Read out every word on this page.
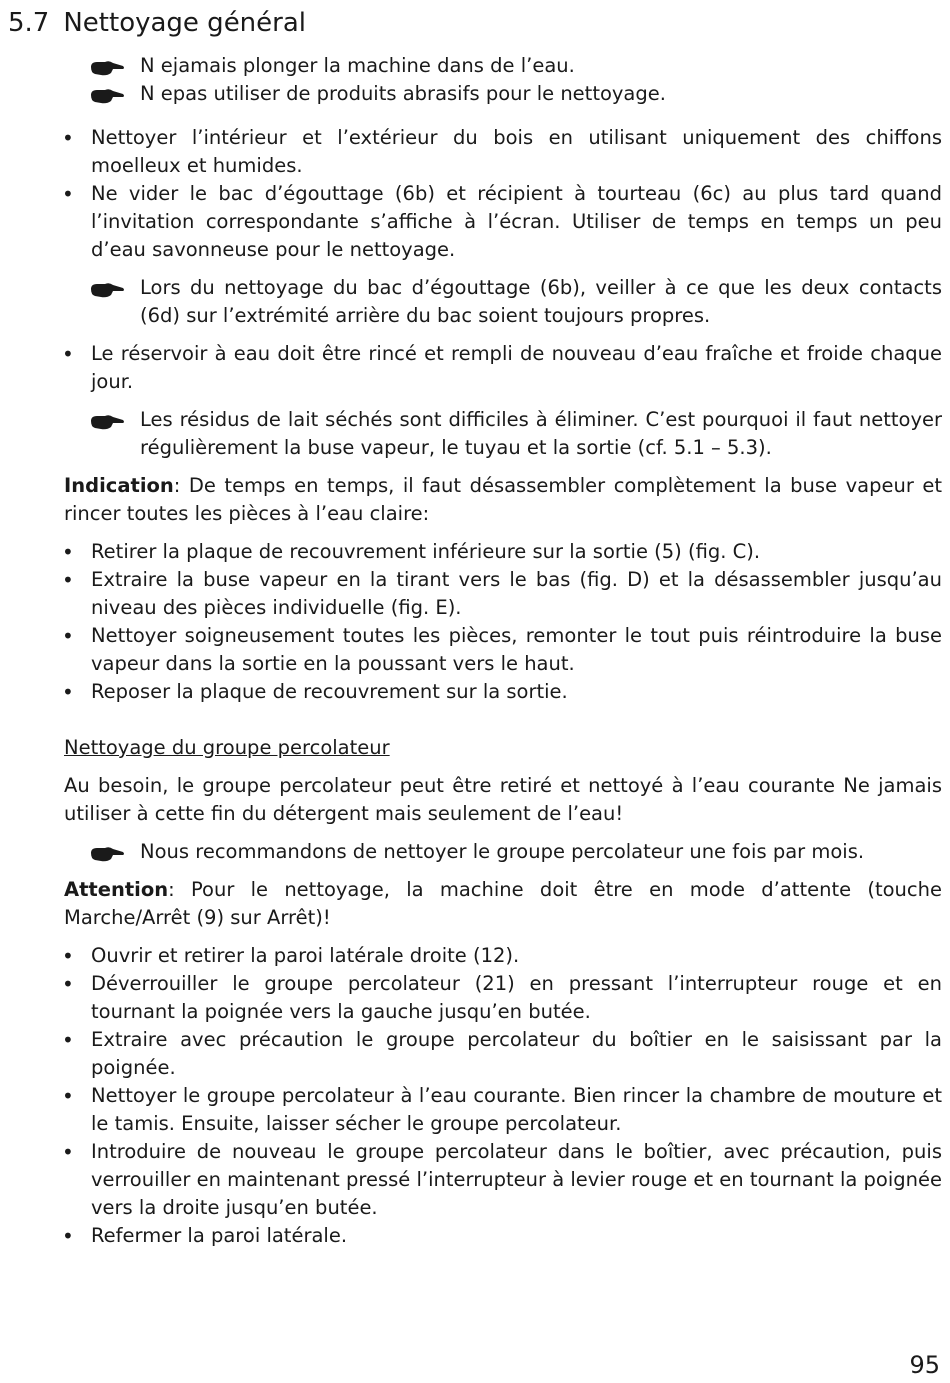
5.7 Nettoyage général

N ejamais plonger la machine dans de l’eau.

N epas utiliser de produits abrasifs pour le nettoyage.

• Nettoyer l’intérieur et l’extérieur du bois en utilisant uniquement des chiffons moelleux et humides.
• Ne vider le bac d’égouttage (6b) et récipient à tourteau (6c) au plus tard quand l’invitation correspondante s’affiche à l’écran. Utiliser de temps en temps un peu d’eau savonneuse pour le nettoyage.

Lors du nettoyage du bac d’égouttage (6b), veiller à ce que les deux contacts (6d) sur l’extrémité arrière du bac soient toujours propres.

• Le réservoir à eau doit être rincé et rempli de nouveau d’eau fraîche et froide chaque jour.

Les résidus de lait séchés sont difficiles à éliminer. C’est pourquoi il faut nettoyer régulièrement la buse vapeur, le tuyau et la sortie (cf. 5.1 – 5.3).

Indication: De temps en temps, il faut désassembler complètement la buse vapeur et rincer toutes les pièces à l’eau claire:

• Retirer la plaque de recouvrement inférieure sur la sortie (5) (fig. C).
• Extraire la buse vapeur en la tirant vers le bas (fig. D) et la désassembler jusqu’au niveau des pièces individuelle (fig. E).
• Nettoyer soigneusement toutes les pièces, remonter le tout puis réintroduire la buse vapeur dans la sortie en la poussant vers le haut.
• Reposer la plaque de recouvrement sur la sortie.

Nettoyage du groupe percolateur

Au besoin, le groupe percolateur peut être retiré et nettoyé à l’eau courante Ne jamais utiliser à cette fin du détergent mais seulement de l’eau!

Nous recommandons de nettoyer le groupe percolateur une fois par mois.

Attention: Pour le nettoyage, la machine doit être en mode d’attente (touche Marche/Arrêt (9) sur Arrêt)!

• Ouvrir et retirer la paroi latérale droite (12).
• Déverrouiller le groupe percolateur (21) en pressant l’interrupteur rouge et en tournant la poignée vers la gauche jusqu’en butée.
• Extraire avec précaution le groupe percolateur du boîtier en le saisissant par la poignée.
• Nettoyer le groupe percolateur à l’eau courante. Bien rincer la chambre de mouture et le tamis. Ensuite, laisser sécher le groupe percolateur.
• Introduire de nouveau le groupe percolateur dans le boîtier, avec précaution, puis verrouiller en maintenant pressé l’interrupteur à levier rouge et en tournant la poignée vers la droite jusqu’en butée.
• Refermer la paroi latérale.
95
